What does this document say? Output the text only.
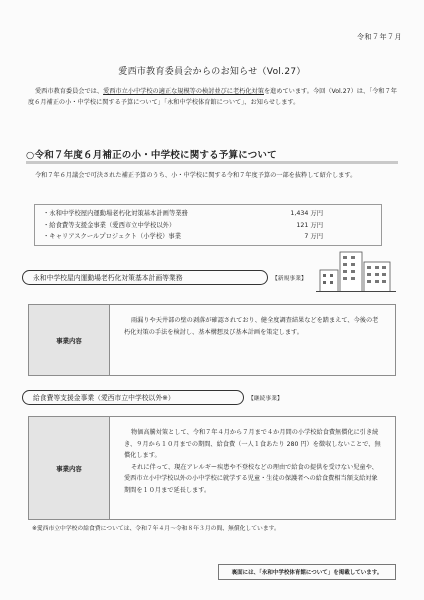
令和７年７月
愛西市教育委員会からのお知らせ（Vol.27）
愛西市教育委員会では、愛西市立小中学校の適正な規模等の検討並びに老朽化対策を進めています。今回（Vol.27）は、「令和７年度６月補正の小・中学校に関する予算について」「永和中学校体育館について」、お知らせします。
○令和７年度６月補正の小・中学校に関する予算について
令和７年６月議会で可決された補正予算のうち、小・中学校に関する令和７年度予算の一部を抜粋して紹介します。
・永和中学校屋内運動場老朽化対策基本計画等業務	1,434 万円
・給食費等支援金事業（愛西市立中学校以外）	121 万円
・キャリアスクールプロジェクト（小学校）事業	7 万円
永和中学校屋内運動場老朽化対策基本計画等業務	【新規事業】
事業内容

雨漏りや天井部の壁の剥落が確認されており、健全度調査結果などを踏まえて、今後の老朽化対策の手法を検討し、基本構想及び基本計画を策定します。

給食費等支援金事業（愛西市立中学校以外※）	【継続事業】
事業内容

物価高騰対策として、令和７年４月から７月まで４か月間の小学校給食費無償化に引き続き、９月から１０月までの期間、給食費（一人１食あたり 280 円）を徴収しないことで、無償化します。

それに伴って、現在アレルギー疾患や不登校などの理由で給食の提供を受けない児童や、愛西市立小中学校以外の小中学校に就学する児童・生徒の保護者への給食費相当額支給対象期間を１０月まで延長します。

※愛西市立中学校の給食費については、令和７年４月～令和８年３月の間、無償化しています。
裏面には、「永和中学校体育館について」を掲載しています。
